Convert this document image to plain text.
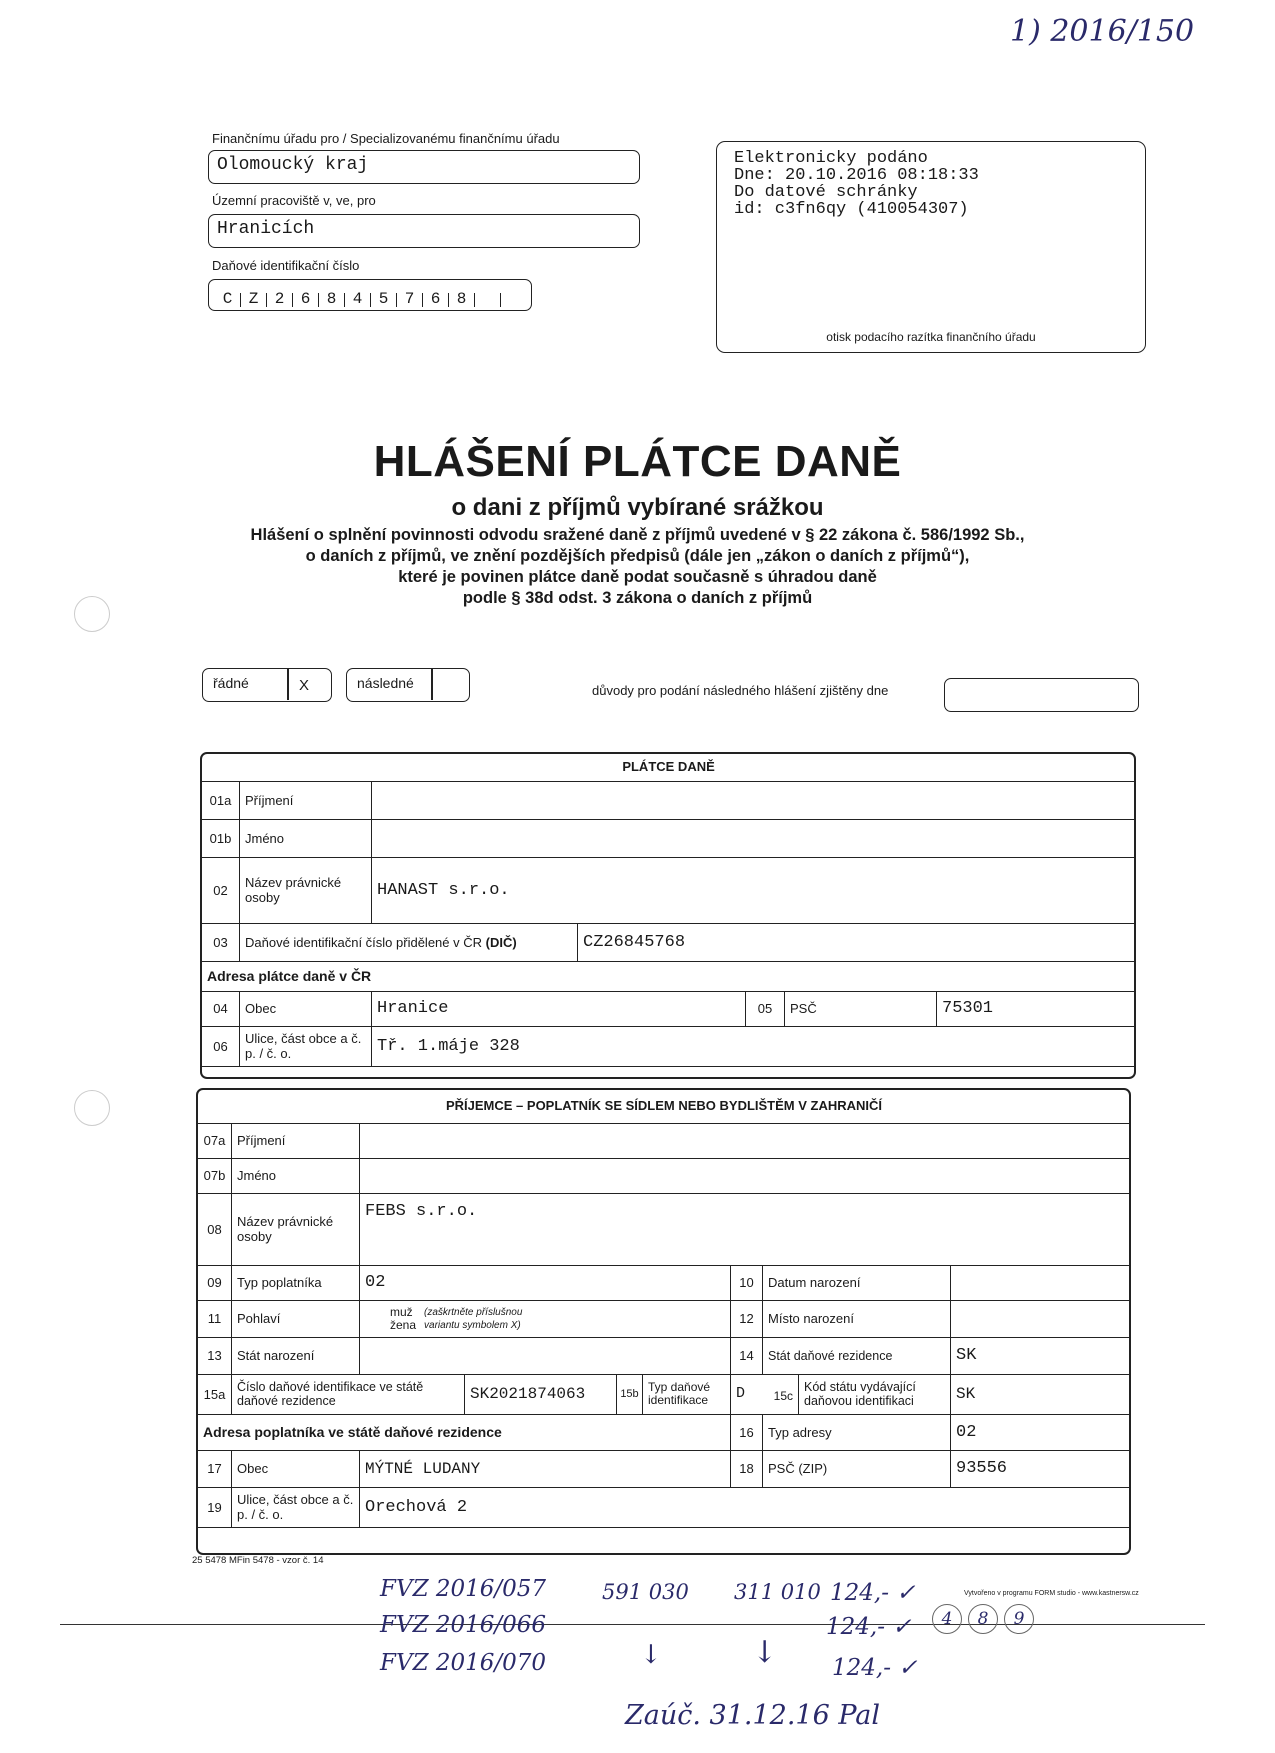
1) 2016/150
Finančnímu úřadu pro / Specializovanému finančnímu úřadu
Olomoucký kraj
Územní pracoviště v, ve, pro
Hranicích
Daňové identifikační číslo
C	Z	2	6	8	4	5	7	6	8
Elektronicky podáno
Dne: 20.10.2016 08:18:33
Do datové schránky
id: c3fn6qy (410054307)
otisk podacího razítka finančního úřadu
HLÁŠENÍ PLÁTCE DANĚ
o dani z příjmů vybírané srážkou
Hlášení o splnění povinnosti odvodu sražené daně z příjmů uvedené v § 22 zákona č. 586/1992 Sb.,
o daních z příjmů, ve znění pozdějších předpisů (dále jen „zákon o daních z příjmů“),
které je povinen plátce daně podat současně s úhradou daně
podle § 38d odst. 3 zákona o daních z příjmů
řádné	X	následné	důvody pro podání následného hlášení zjištěny dne
PLÁTCE DANĚ						
01a	Příjmení					
01b	Jméno					
02	Název právnické osoby	HANAST s.r.o.				
03	Daňové identifikační číslo přidělené v ČR (DIČ)		CZ26845768			
Adresa plátce daně v ČR						
04	Obec	Hranice		05	PSČ	75301
06	Ulice, část obce a č. p. / č. o.	Tř. 1.máje 328				
PŘÍJEMCE – POPLATNÍK SE SÍDLEM NEBO BYDLIŠTĚM V ZAHRANIČÍ									
07a	Příjmení								
07b	Jméno								
08	Název právnické osoby	FEBS s.r.o.							
09	Typ poplatníka	02				10	Datum narození		
11	Pohlaví	muž
žena
(zaškrtněte příslušnou
variantu symbolem X)				12	Místo narození		
13	Stát narození					14	Stát daňové rezidence		SK
15a	Číslo daňové identifikace ve státě daňové rezidence		SK2021874063	15b	Typ daňové identifikace	D 15c		Kód státu vydávající daňovou identifikaci	SK
Adresa poplatníka ve státě daňové rezidence						16	Typ adresy		02
17	Obec	MÝTNÉ LUDANY				18	PSČ (ZIP)		93556
19	Ulice, část obce a č. p. / č. o.	Orechová 2							
25 5478 MFin 5478 - vzor č. 14
Vytvořeno v programu FORM studio - www.kastnersw.cz
FVZ 2016/057
FVZ 2016/066
FVZ 2016/070
591 030 311 010
↓	↓
124,- ✓
124,- ✓
124,- ✓
4	8	9
Zaúč. 31.12.16 Pal
